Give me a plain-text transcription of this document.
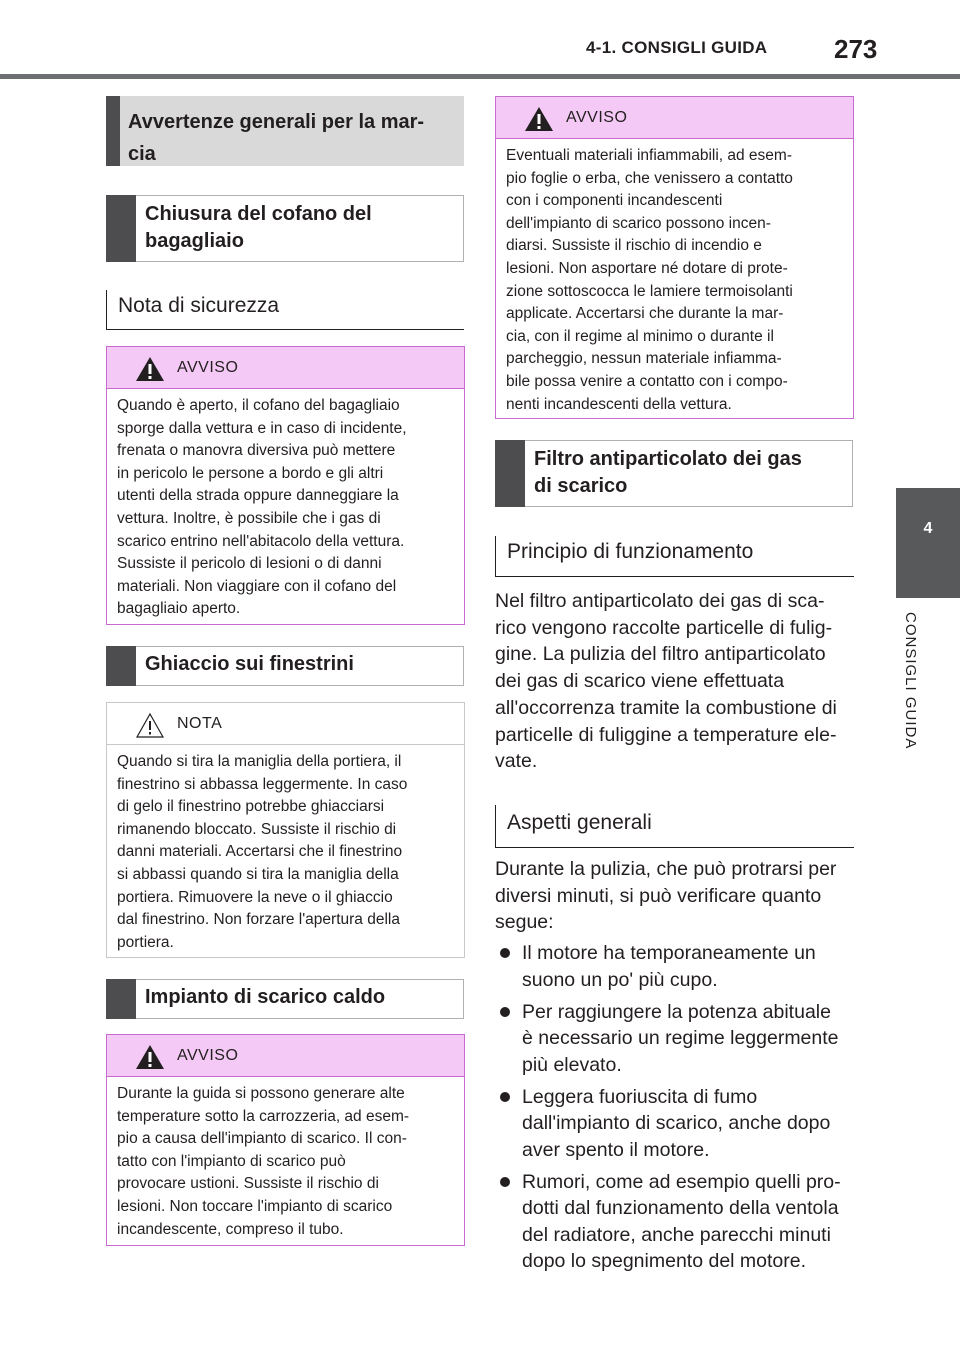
4-1. CONSIGLI GUIDA	273
4
CONSIGLI GUIDA
Avvertenze generali per la mar-
cia
Chiusura del cofano del
bagagliaio
Nota di sicurezza
AVVISO
Quando è aperto, il cofano del bagagliaio
sporge dalla vettura e in caso di incidente,
frenata o manovra diversiva può mettere
in pericolo le persone a bordo e gli altri
utenti della strada oppure danneggiare la
vettura. Inoltre, è possibile che i gas di
scarico entrino nell'abitacolo della vettura.
Sussiste il pericolo di lesioni o di danni
materiali. Non viaggiare con il cofano del
bagagliaio aperto.
Ghiaccio sui finestrini
NOTA
Quando si tira la maniglia della portiera, il
finestrino si abbassa leggermente. In caso
di gelo il finestrino potrebbe ghiacciarsi
rimanendo bloccato. Sussiste il rischio di
danni materiali. Accertarsi che il finestrino
si abbassi quando si tira la maniglia della
portiera. Rimuovere la neve o il ghiaccio
dal finestrino. Non forzare l'apertura della
portiera.
Impianto di scarico caldo
AVVISO
Durante la guida si possono generare alte
temperature sotto la carrozzeria, ad esem-
pio a causa dell'impianto di scarico. Il con-
tatto con l'impianto di scarico può
provocare ustioni. Sussiste il rischio di
lesioni. Non toccare l'impianto di scarico
incandescente, compreso il tubo.
AVVISO
Eventuali materiali infiammabili, ad esem-
pio foglie o erba, che venissero a contatto
con i componenti incandescenti
dell'impianto di scarico possono incen-
diarsi. Sussiste il rischio di incendio e
lesioni. Non asportare né dotare di prote-
zione sottoscocca le lamiere termoisolanti
applicate. Accertarsi che durante la mar-
cia, con il regime al minimo o durante il
parcheggio, nessun materiale infiamma-
bile possa venire a contatto con i compo-
nenti incandescenti della vettura.
Filtro antiparticolato dei gas
di scarico
Principio di funzionamento
Nel filtro antiparticolato dei gas di sca-
rico vengono raccolte particelle di fulig-
gine. La pulizia del filtro antiparticolato
dei gas di scarico viene effettuata
all'occorrenza tramite la combustione di
particelle di fuliggine a temperature ele-
vate.
Aspetti generali
Durante la pulizia, che può protrarsi per
diversi minuti, si può verificare quanto
segue:
Il motore ha temporaneamente un
suono un po' più cupo.
Per raggiungere la potenza abituale
è necessario un regime leggermente
più elevato.
Leggera fuoriuscita di fumo
dall'impianto di scarico, anche dopo
aver spento il motore.
Rumori, come ad esempio quelli pro-
dotti dal funzionamento della ventola
del radiatore, anche parecchi minuti
dopo lo spegnimento del motore.
